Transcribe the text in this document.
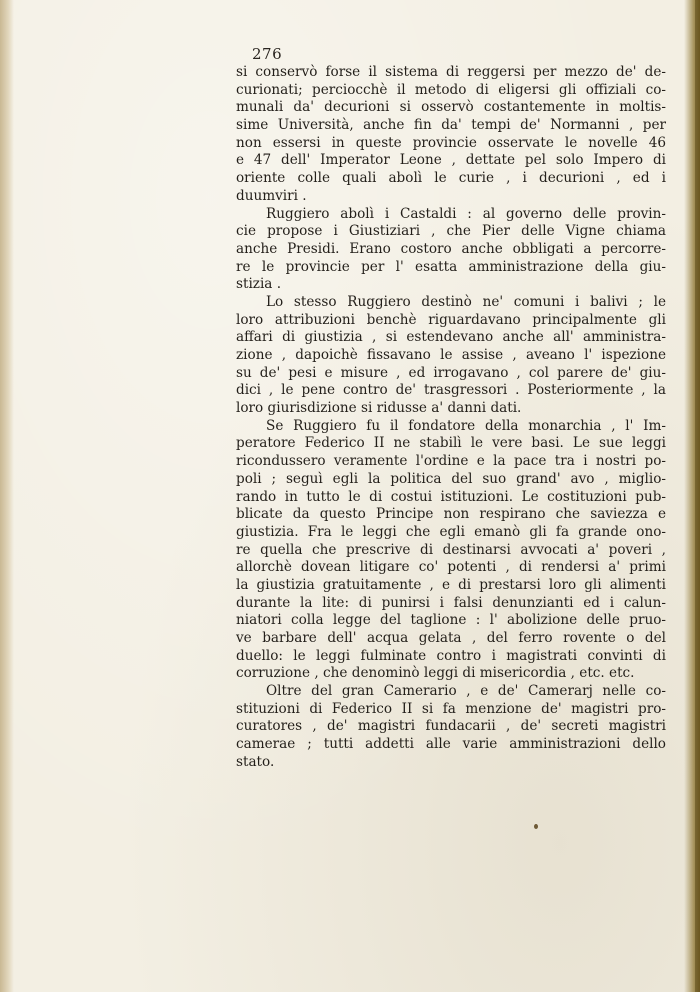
276
si conservò forse il sistema di reggersi per mezzo de' de-
curionati; perciocchè il metodo di eligersi gli offiziali co-
munali da' decurioni si osservò costantemente in moltis-
sime Università, anche fin da' tempi de' Normanni , per
non essersi in queste provincie osservate le novelle 46
e 47 dell' Imperator Leone , dettate pel solo Impero di
oriente colle quali abolì le curie , i decurioni , ed i
duumviri .
Ruggiero abolì i Castaldi : al governo delle provin-
cie propose i Giustiziari , che Pier delle Vigne chiama
anche Presidi. Erano costoro anche obbligati a percorre-
re le provincie per l' esatta amministrazione della giu-
stizia .
Lo stesso Ruggiero destinò ne' comuni i balivi ; le
loro attribuzioni benchè riguardavano principalmente gli
affari di giustizia , si estendevano anche all' amministra-
zione , dapoichè fissavano le assise , aveano l' ispezione
su de' pesi e misure , ed irrogavano , col parere de' giu-
dici , le pene contro de' trasgressori . Posteriormente , la
loro giurisdizione si ridusse a' danni dati.
Se Ruggiero fu il fondatore della monarchia , l' Im-
peratore Federico II ne stabilì le vere basi. Le sue leggi
ricondussero veramente l'ordine e la pace tra i nostri po-
poli ; seguì egli la politica del suo grand' avo , miglio-
rando in tutto le di costui istituzioni. Le costituzioni pub-
blicate da questo Principe non respirano che saviezza e
giustizia. Fra le leggi che egli emanò gli fa grande ono-
re quella che prescrive di destinarsi avvocati a' poveri ,
allorchè dovean litigare co' potenti , di rendersi a' primi
la giustizia gratuitamente , e di prestarsi loro gli alimenti
durante la lite: di punirsi i falsi denunzianti ed i calun-
niatori colla legge del taglione : l' abolizione delle pruo-
ve barbare dell' acqua gelata , del ferro rovente o del
duello: le leggi fulminate contro i magistrati convinti di
corruzione , che denominò leggi di misericordia , etc. etc.
Oltre del gran Camerario , e de' Camerarj nelle co-
stituzioni di Federico II si fa menzione de' magistri pro-
curatores , de' magistri fundacarii , de' secreti magistri
camerae ; tutti addetti alle varie amministrazioni dello
stato.
